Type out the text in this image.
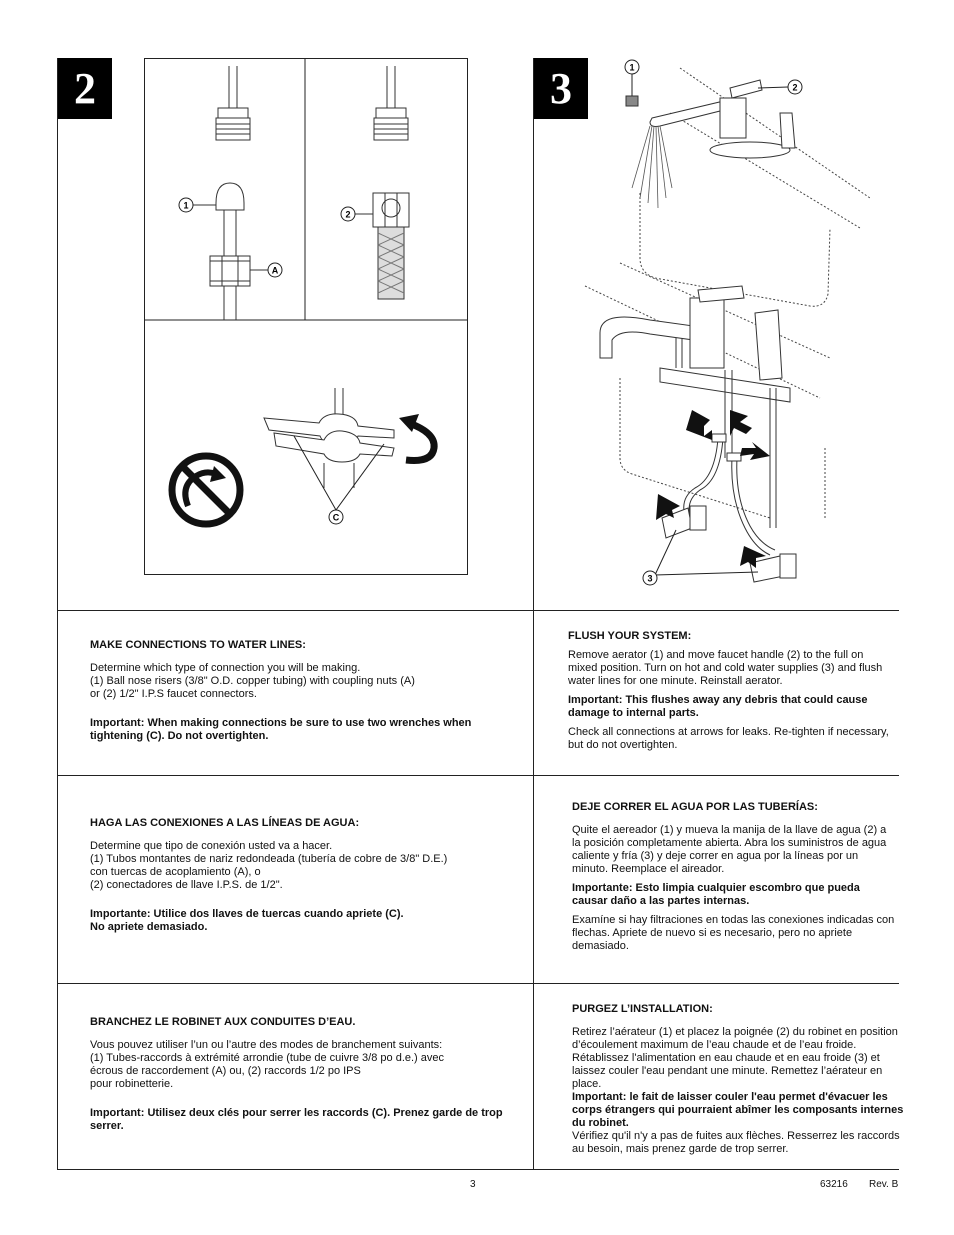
2	3
1
A
2
C
1
2
3
MAKE CONNECTIONS TO WATER LINES:

Determine which type of connection you will be making.

(1) Ball nose risers (3/8" O.D. copper tubing) with coupling nuts (A)

or (2) 1/2" I.P.S faucet connectors.

Important: When making connections be sure to use two wrenches when tightening (C). Do not overtighten.

FLUSH YOUR SYSTEM:

Remove aerator (1) and move faucet handle (2) to the full on mixed position. Turn on hot and cold water supplies (3) and flush water lines for one minute. Reinstall aerator.

Important: This flushes away any debris that could cause damage to internal parts.

Check all connections at arrows for leaks. Re-tighten if necessary, but do not overtighten.

HAGA LAS CONEXIONES A LAS LÍNEAS DE AGUA:

Determine que tipo de conexión usted va a hacer.

(1) Tubos montantes de nariz redondeada (tubería de cobre de 3/8" D.E.)

con tuercas de acoplamiento (A), o

(2) conectadores de llave I.P.S. de 1/2".

Importante: Utilice dos llaves de tuercas cuando apriete (C).

No apriete demasiado.

DEJE CORRER EL AGUA POR LAS TUBERÍAS:

Quite el aereador (1) y mueva la manija de la llave de agua (2) a la posición completamente abierta. Abra los suministros de agua caliente y fría (3) y deje correr en agua por la líneas por un minuto. Reemplace el aireador.

Importante: Esto limpia cualquier escombro que pueda causar daño a las partes internas.

Examíne si hay filtraciones en todas las conexiones indicadas con flechas. Apriete de nuevo si es necesario, pero no apriete demasiado.

BRANCHEZ LE ROBINET AUX CONDUITES D’EAU.

Vous pouvez utiliser l’un ou l’autre des modes de branchement suivants:

(1) Tubes-raccords à extrémité arrondie (tube de cuivre 3/8 po d.e.) avec

écrous de raccordement (A) ou, (2) raccords 1/2 po IPS

pour robinetterie.

Important: Utilisez deux clés pour serrer les raccords (C). Prenez garde de trop serrer.

PURGEZ L’INSTALLATION:

Retirez l’aérateur (1) et placez la poignée (2) du robinet en position d’écoulement maximum de l’eau chaude et de l’eau froide. Rétablissez l'alimentation en eau chaude et en eau froide (3) et laissez couler l'eau pendant une minute. Remettez l’aérateur en place.

Important: le fait de laisser couler l'eau permet d'évacuer les corps étrangers qui pourraient abîmer les composants internes du robinet.

Vérifiez qu'il n'y a pas de fuites aux flèches. Resserrez les raccords au besoin, mais prenez garde de trop serrer.

3	63216 Rev. B
